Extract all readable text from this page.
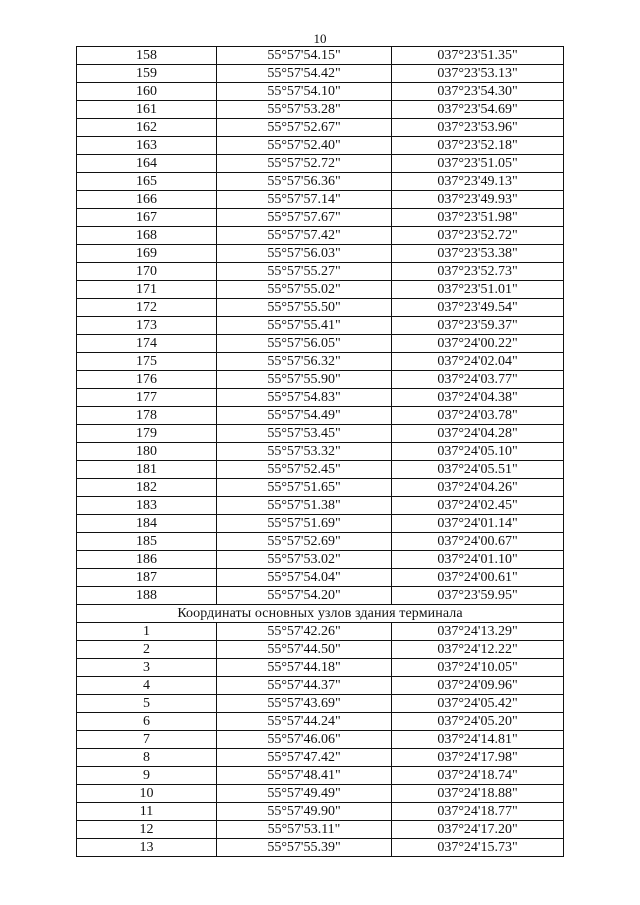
10
158	55°57'54.15"	037°23'51.35"
159	55°57'54.42"	037°23'53.13"
160	55°57'54.10"	037°23'54.30"
161	55°57'53.28"	037°23'54.69"
162	55°57'52.67"	037°23'53.96"
163	55°57'52.40"	037°23'52.18"
164	55°57'52.72"	037°23'51.05"
165	55°57'56.36"	037°23'49.13"
166	55°57'57.14"	037°23'49.93"
167	55°57'57.67"	037°23'51.98"
168	55°57'57.42"	037°23'52.72"
169	55°57'56.03"	037°23'53.38"
170	55°57'55.27"	037°23'52.73"
171	55°57'55.02"	037°23'51.01"
172	55°57'55.50"	037°23'49.54"
173	55°57'55.41"	037°23'59.37"
174	55°57'56.05"	037°24'00.22"
175	55°57'56.32"	037°24'02.04"
176	55°57'55.90"	037°24'03.77"
177	55°57'54.83"	037°24'04.38"
178	55°57'54.49"	037°24'03.78"
179	55°57'53.45"	037°24'04.28"
180	55°57'53.32"	037°24'05.10"
181	55°57'52.45"	037°24'05.51"
182	55°57'51.65"	037°24'04.26"
183	55°57'51.38"	037°24'02.45"
184	55°57'51.69"	037°24'01.14"
185	55°57'52.69"	037°24'00.67"
186	55°57'53.02"	037°24'01.10"
187	55°57'54.04"	037°24'00.61"
188	55°57'54.20"	037°23'59.95"
Координаты основных узлов здания терминала		
1	55°57'42.26"	037°24'13.29"
2	55°57'44.50"	037°24'12.22"
3	55°57'44.18"	037°24'10.05"
4	55°57'44.37"	037°24'09.96"
5	55°57'43.69"	037°24'05.42"
6	55°57'44.24"	037°24'05.20"
7	55°57'46.06"	037°24'14.81"
8	55°57'47.42"	037°24'17.98"
9	55°57'48.41"	037°24'18.74"
10	55°57'49.49"	037°24'18.88"
11	55°57'49.90"	037°24'18.77"
12	55°57'53.11"	037°24'17.20"
13	55°57'55.39"	037°24'15.73"
